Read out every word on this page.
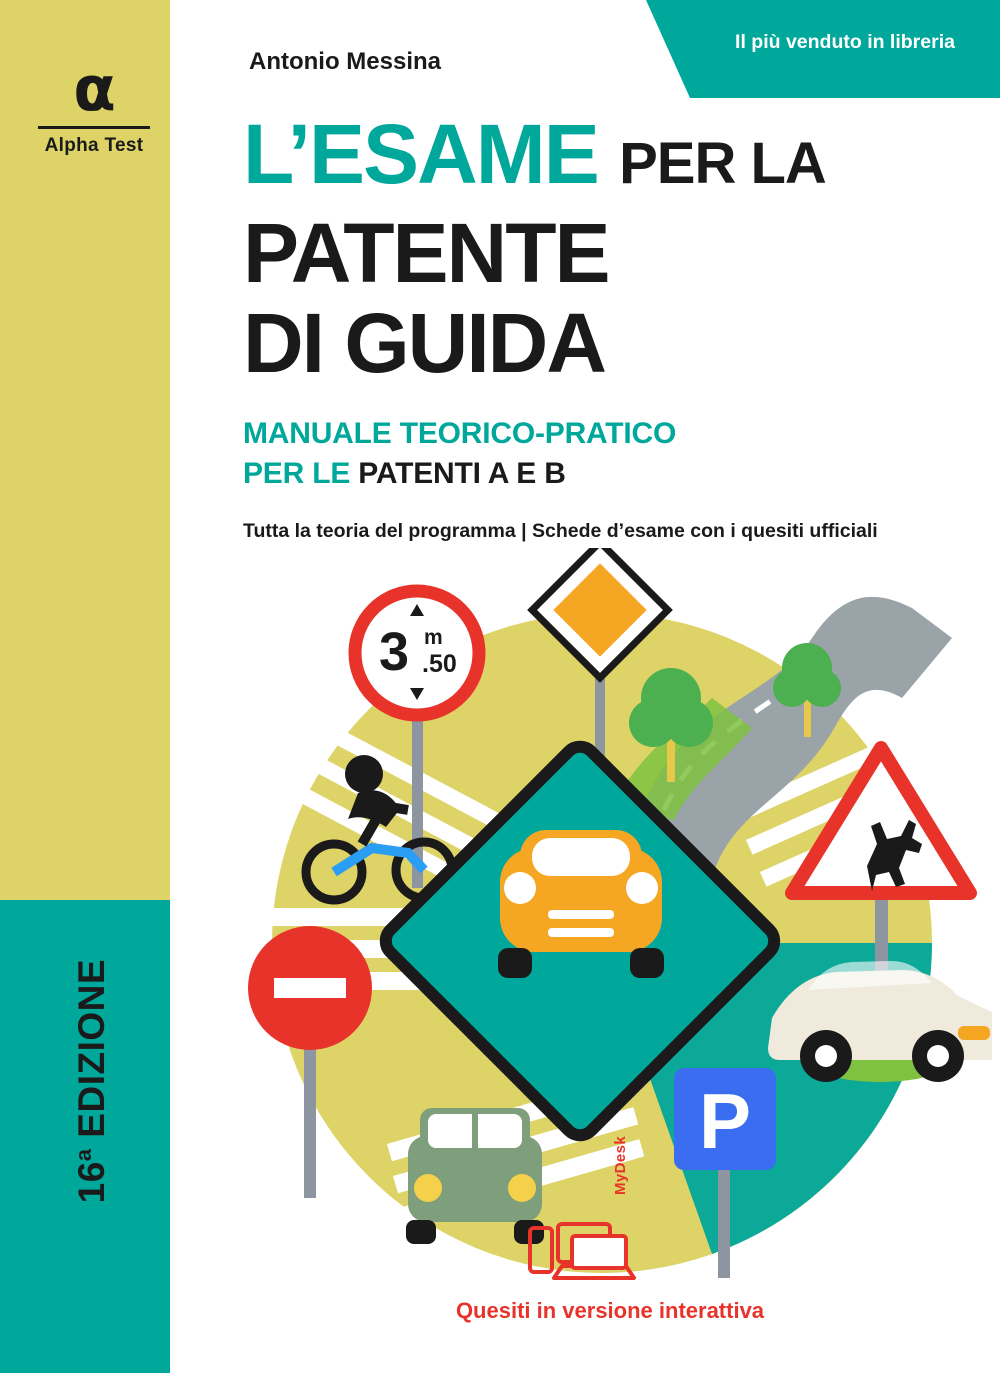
α
Alpha Test
16$^a$ EDIZIONE
Il più venduto in libreria
Antonio Messina
L’ESAME PER LA
PATENTE
DI GUIDA
MANUALE TEORICO-PRATICO
PER LE PATENTI A E B
Tutta la teoria del programma | Schede d’esame con i quesiti ufficiali
3 m
.50
P
MyDesk
Quesiti in versione interattiva
